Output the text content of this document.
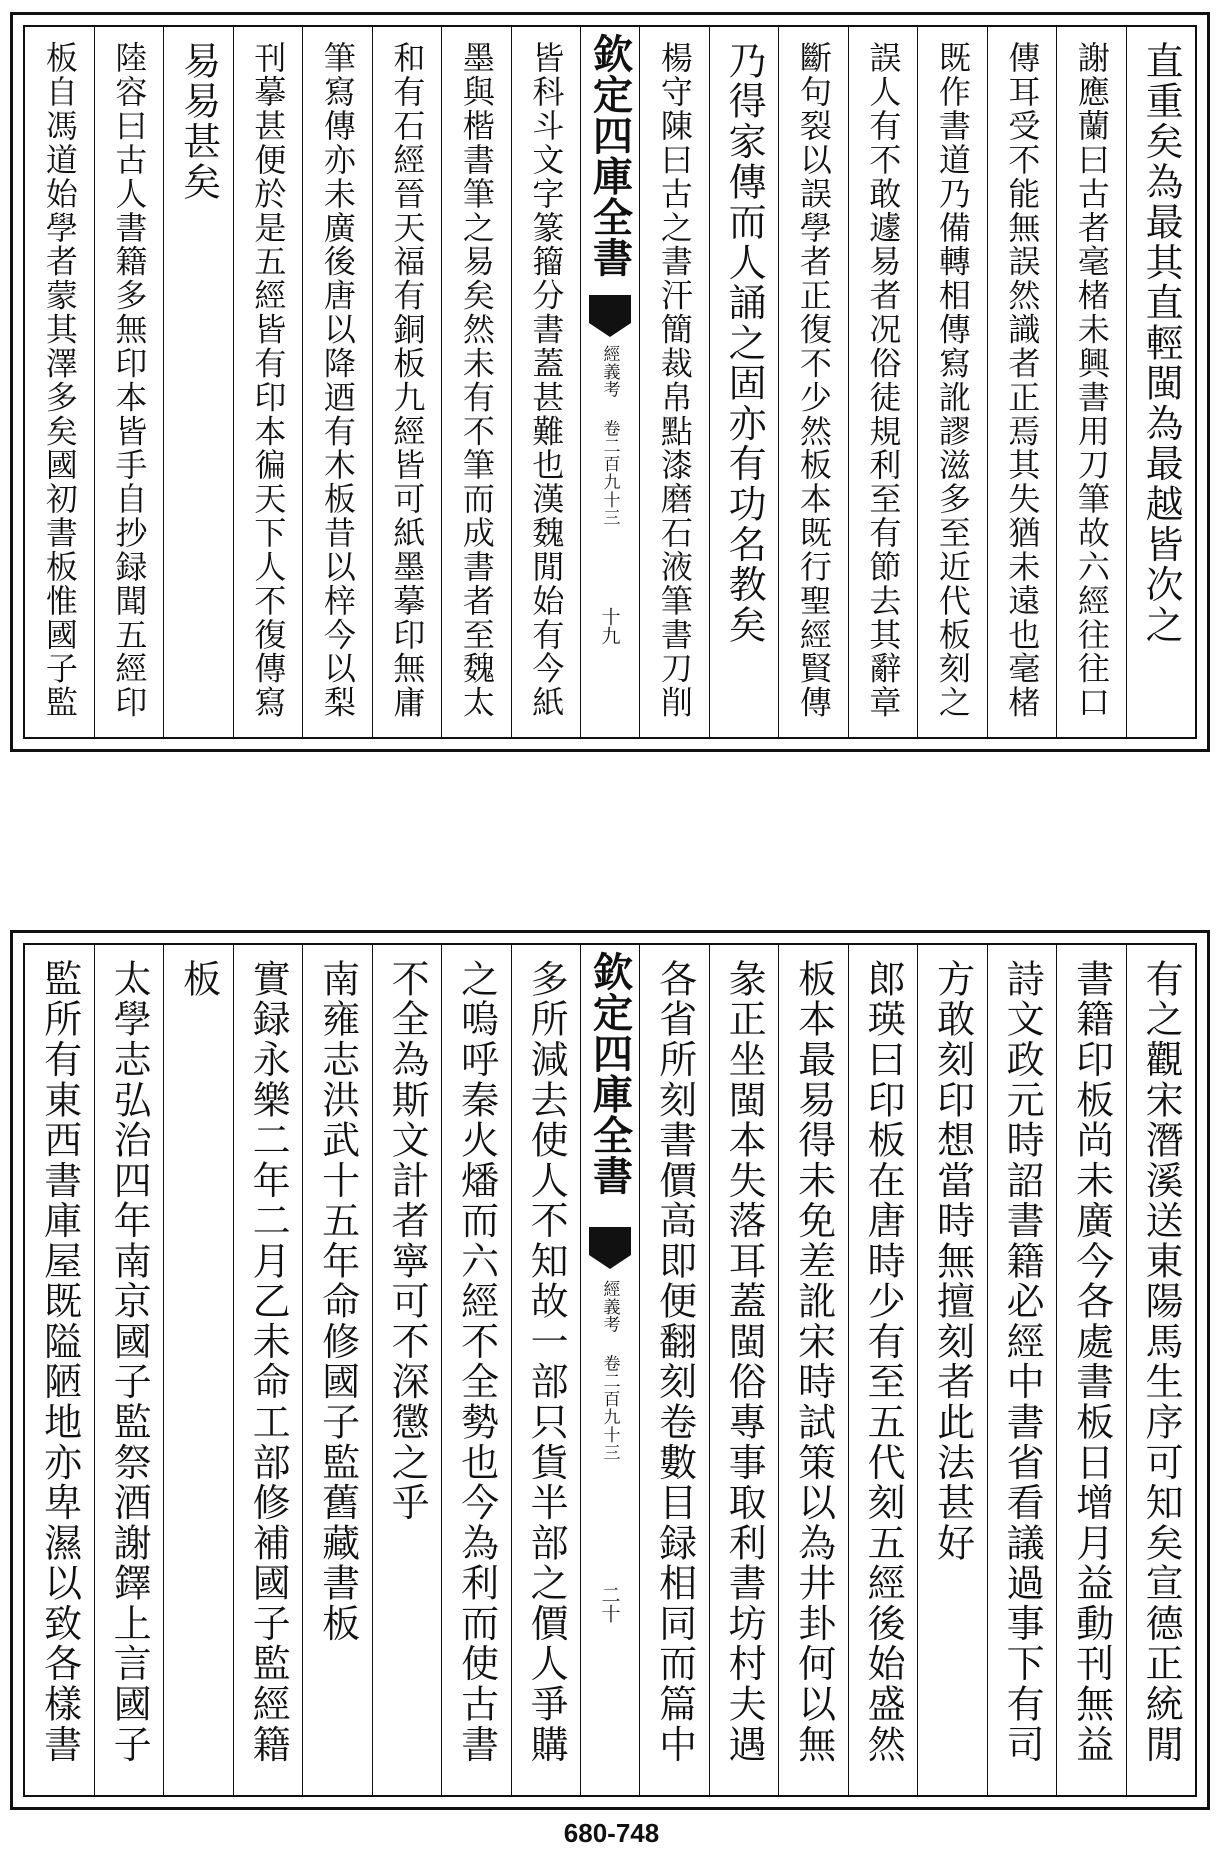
直重矣為最其直輕閩為最越皆次之
謝應蘭曰古者毫楮未興書用刀筆故六經往往口
傳耳受不能無誤然識者正焉其失猶未遠也毫楮
既作書道乃備轉相傳寫訛謬滋多至近代板刻之
誤人有不敢遽易者况俗徒規利至有節去其辭章
斷句裂以誤學者正復不少然板本既行聖經賢傳
乃得家傳而人誦之固亦有功名教矣
楊守陳曰古之書汗簡裁帛點漆磨石液筆書刀削
欽定四庫全書
經義考 卷二百九十三
十九
皆科斗文字篆籀分書蓋甚難也漢魏閒始有今紙
墨與楷書筆之易矣然未有不筆而成書者至魏太
和有石經晉天福有銅板九經皆可紙墨摹印無庸
筆寫傳亦未廣後唐以降迺有木板昔以梓今以梨
刊摹甚便於是五經皆有印本徧天下人不復傳寫
易易甚矣
陸容曰古人書籍多無印本皆手自抄録聞五經印
板自馮道始學者蒙其澤多矣國初書板惟國子監
有之觀宋潛溪送東陽馬生序可知矣宣德正統閒
書籍印板尚未廣今各處書板日增月益動刊無益
詩文政元時詔書籍必經中書省看議過事下有司
方敢刻印想當時無擅刻者此法甚好
郎瑛曰印板在唐時少有至五代刻五經後始盛然
板本最易得未免差訛宋時試策以為井卦何以無
彖正坐閩本失落耳蓋閩俗專事取利書坊村夫遇
各省所刻書價高即便翻刻卷數目録相同而篇中
欽定四庫全書
經義考 卷二百九十三
二十
多所減去使人不知故一部只貨半部之價人爭購
之嗚呼秦火燔而六經不全勢也今為利而使古書
不全為斯文計者寧可不深懲之乎
南雍志洪武十五年命修國子監舊藏書板
實録永樂二年二月乙未命工部修補國子監經籍
板
太學志弘治四年南京國子監祭酒謝鐸上言國子
監所有東西書庫屋既隘陋地亦卑濕以致各樣書
680-748
